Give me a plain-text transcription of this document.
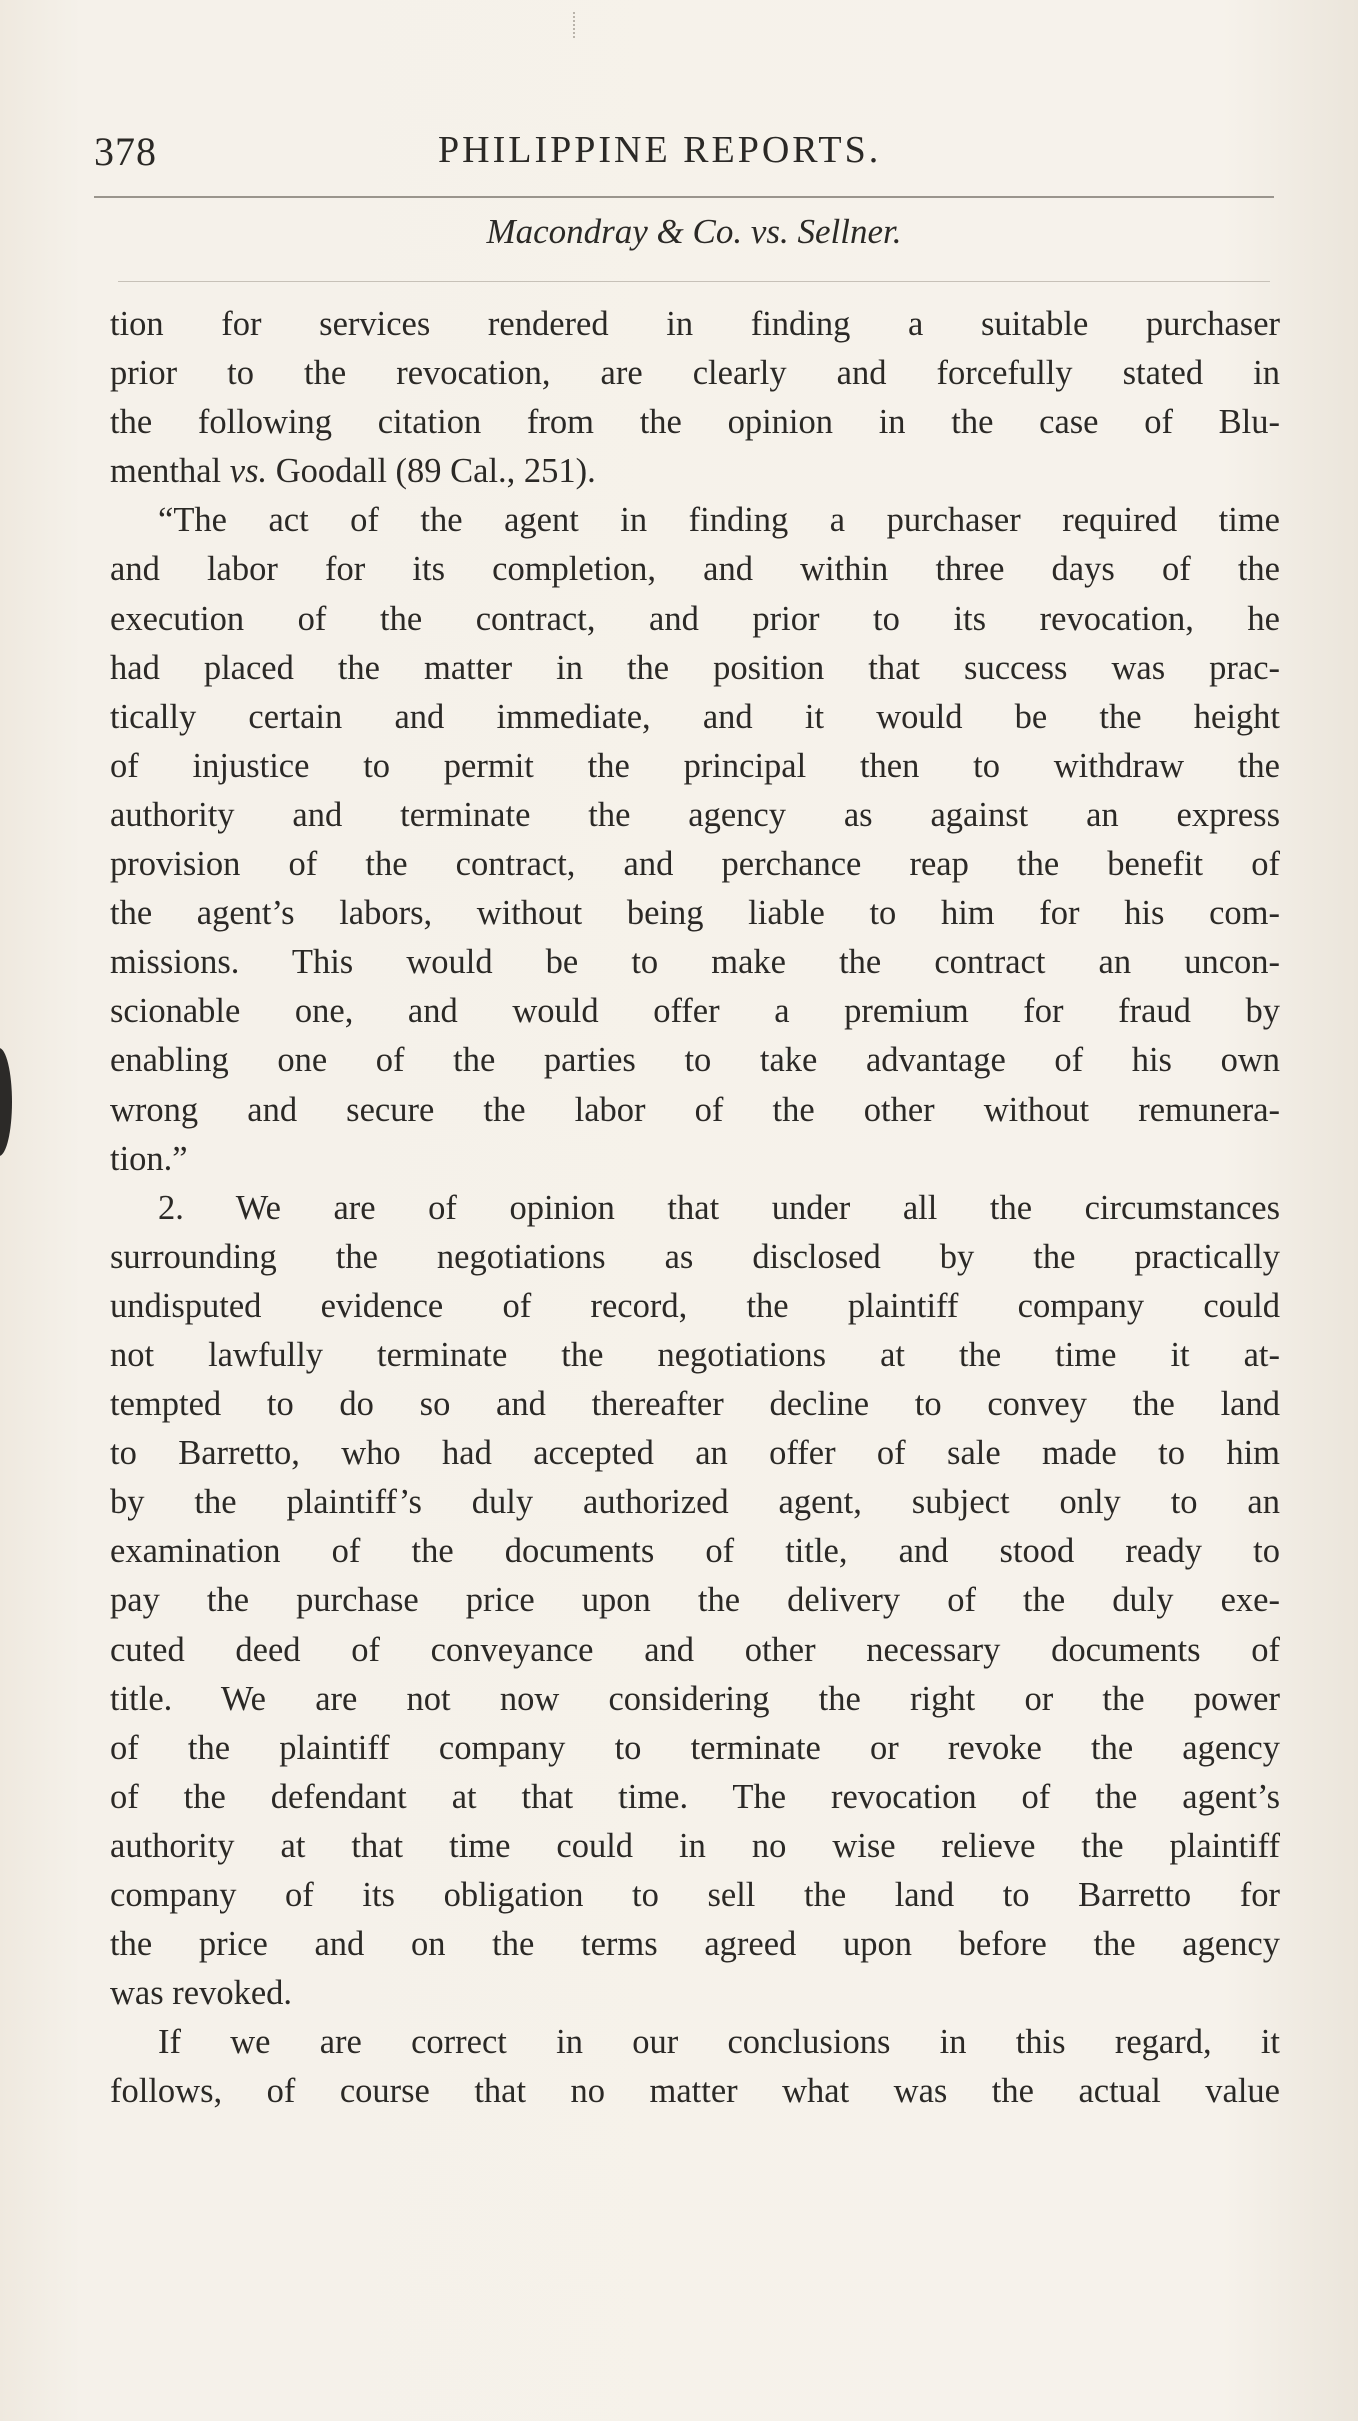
378	PHILIPPINE REPORTS.
Macondray & Co. vs. Sellner.

tion for services rendered in finding a suitable purchaser

prior to the revocation, are clearly and forcefully stated in

the following citation from the opinion in the case of Blu-

menthal vs. Goodall (89 Cal., 251).

“The act of the agent in finding a purchaser required time

and labor for its completion, and within three days of the

execution of the contract, and prior to its revocation, he

had placed the matter in the position that success was prac-

tically certain and immediate, and it would be the height

of injustice to permit the principal then to withdraw the

authority and terminate the agency as against an express

provision of the contract, and perchance reap the benefit of

the agent’s labors, without being liable to him for his com-

missions. This would be to make the contract an uncon-

scionable one, and would offer a premium for fraud by

enabling one of the parties to take advantage of his own

wrong and secure the labor of the other without remunera-

tion.”

2. We are of opinion that under all the circumstances

surrounding the negotiations as disclosed by the practically

undisputed evidence of record, the plaintiff company could

not lawfully terminate the negotiations at the time it at-

tempted to do so and thereafter decline to convey the land

to Barretto, who had accepted an offer of sale made to him

by the plaintiff’s duly authorized agent, subject only to an

examination of the documents of title, and stood ready to

pay the purchase price upon the delivery of the duly exe-

cuted deed of conveyance and other necessary documents of

title. We are not now considering the right or the power

of the plaintiff company to terminate or revoke the agency

of the defendant at that time. The revocation of the agent’s

authority at that time could in no wise relieve the plaintiff

company of its obligation to sell the land to Barretto for

the price and on the terms agreed upon before the agency

was revoked.

If we are correct in our conclusions in this regard, it

follows, of course that no matter what was the actual value
